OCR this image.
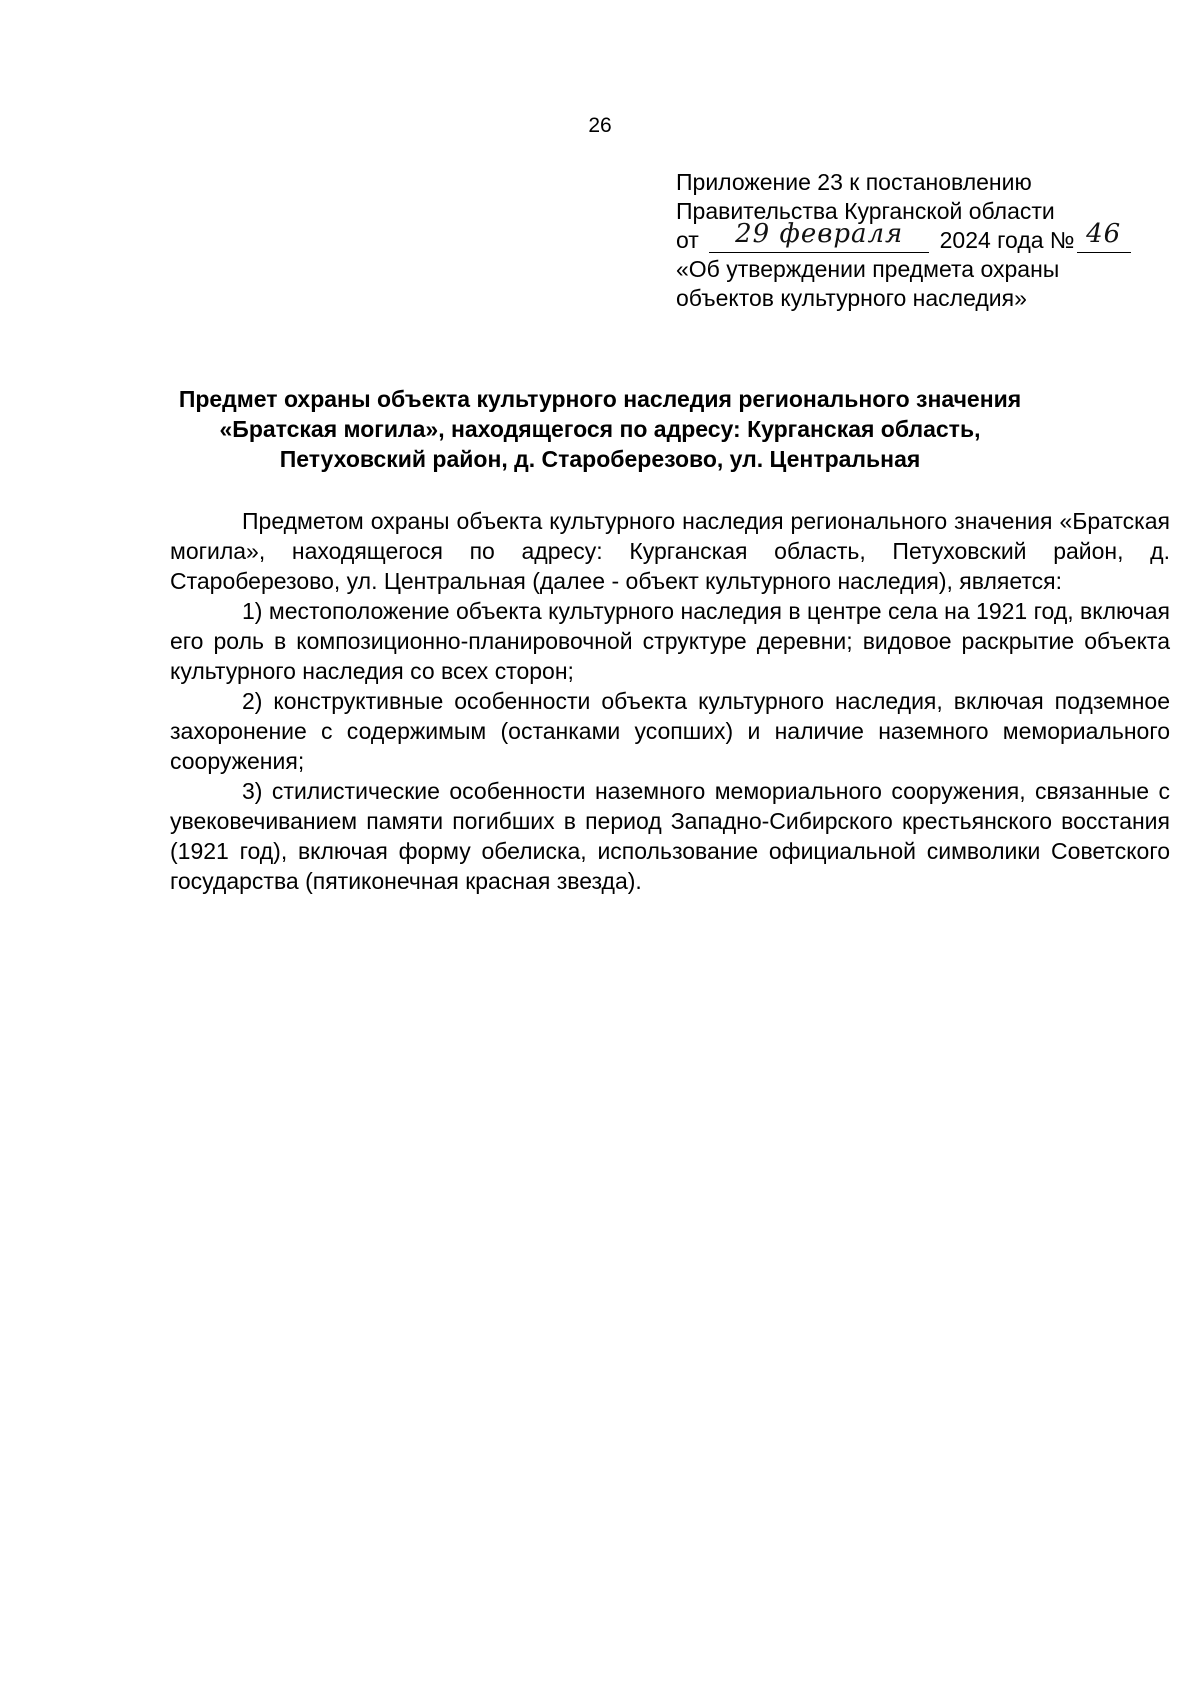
26
Приложение 23 к постановлению
Правительства Курганской области
от 29 февраля 2024 года № 46
«Об утверждении предмета охраны
объектов культурного наследия»
Предмет охраны объекта культурного наследия регионального значения
«Братская могила», находящегося по адресу: Курганская область,
Петуховский район, д. Староберезово, ул. Центральная

Предметом охраны объекта культурного наследия регионального значения «Братская могила», находящегося по адресу: Курганская область, Петуховский район, д. Староберезово, ул. Центральная (далее - объект культурного наследия), является:

1) местоположение объекта культурного наследия в центре села на 1921 год, включая его роль в композиционно-планировочной структуре деревни; видовое раскрытие объекта культурного наследия со всех сторон;

2) конструктивные особенности объекта культурного наследия, включая подземное захоронение с содержимым (останками усопших) и наличие наземного мемориального сооружения;

3) стилистические особенности наземного мемориального сооружения, связанные с увековечиванием памяти погибших в период Западно-Сибирского крестьянского восстания (1921 год), включая форму обелиска, использование официальной символики Советского государства (пятиконечная красная звезда).
